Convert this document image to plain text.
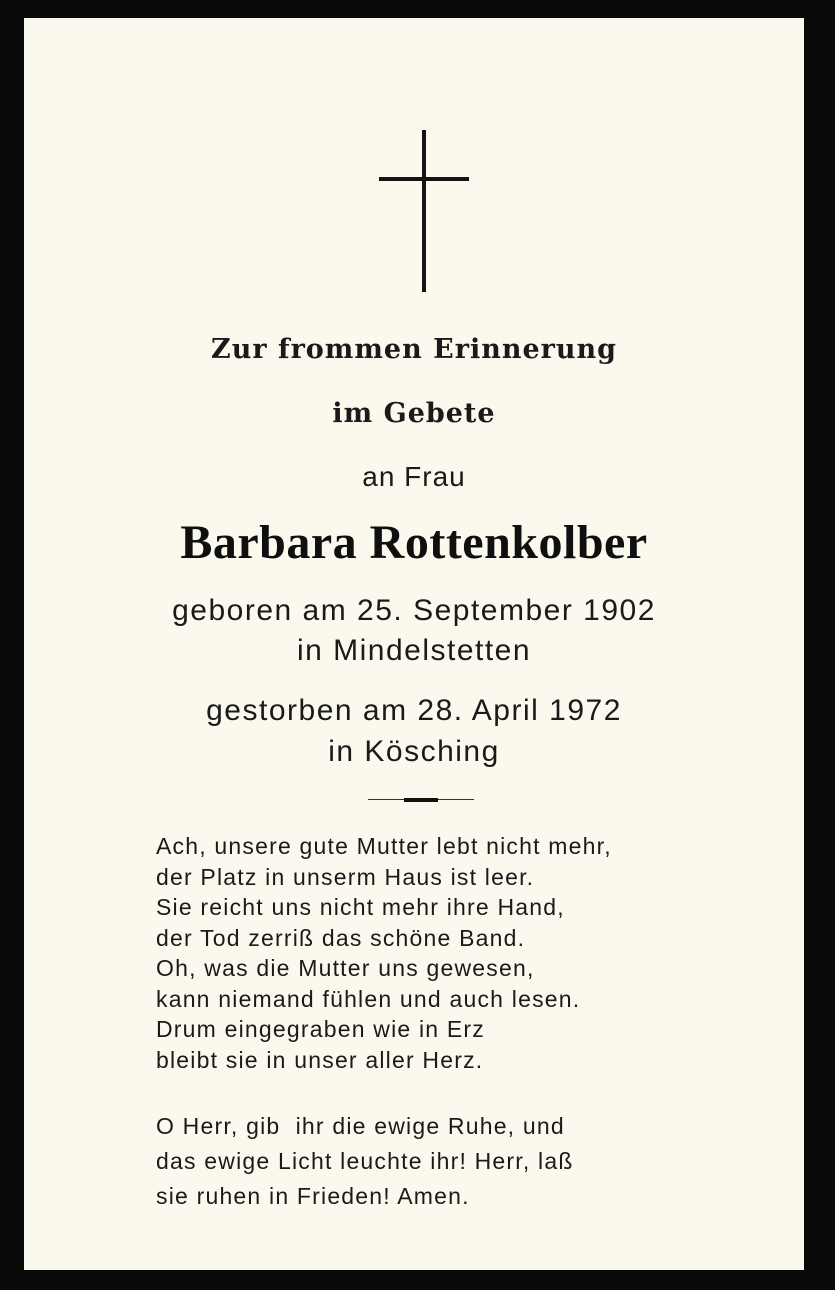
Zur frommen Erinnerung
im Gebete
an Frau
Barbara Rottenkolber
geboren am 25. September 1902
in Mindelstetten
gestorben am 28. April 1972
in Kösching
Ach, unsere gute Mutter lebt nicht mehr,
der Platz in unserm Haus ist leer.
Sie reicht uns nicht mehr ihre Hand,
der Tod zerriß das schöne Band.
Oh, was die Mutter uns gewesen,
kann niemand fühlen und auch lesen.
Drum eingegraben wie in Erz
bleibt sie in unser aller Herz.
O Herr, gib  ihr die ewige Ruhe, und
das ewige Licht leuchte ihr! Herr, laß
sie ruhen in Frieden! Amen.
